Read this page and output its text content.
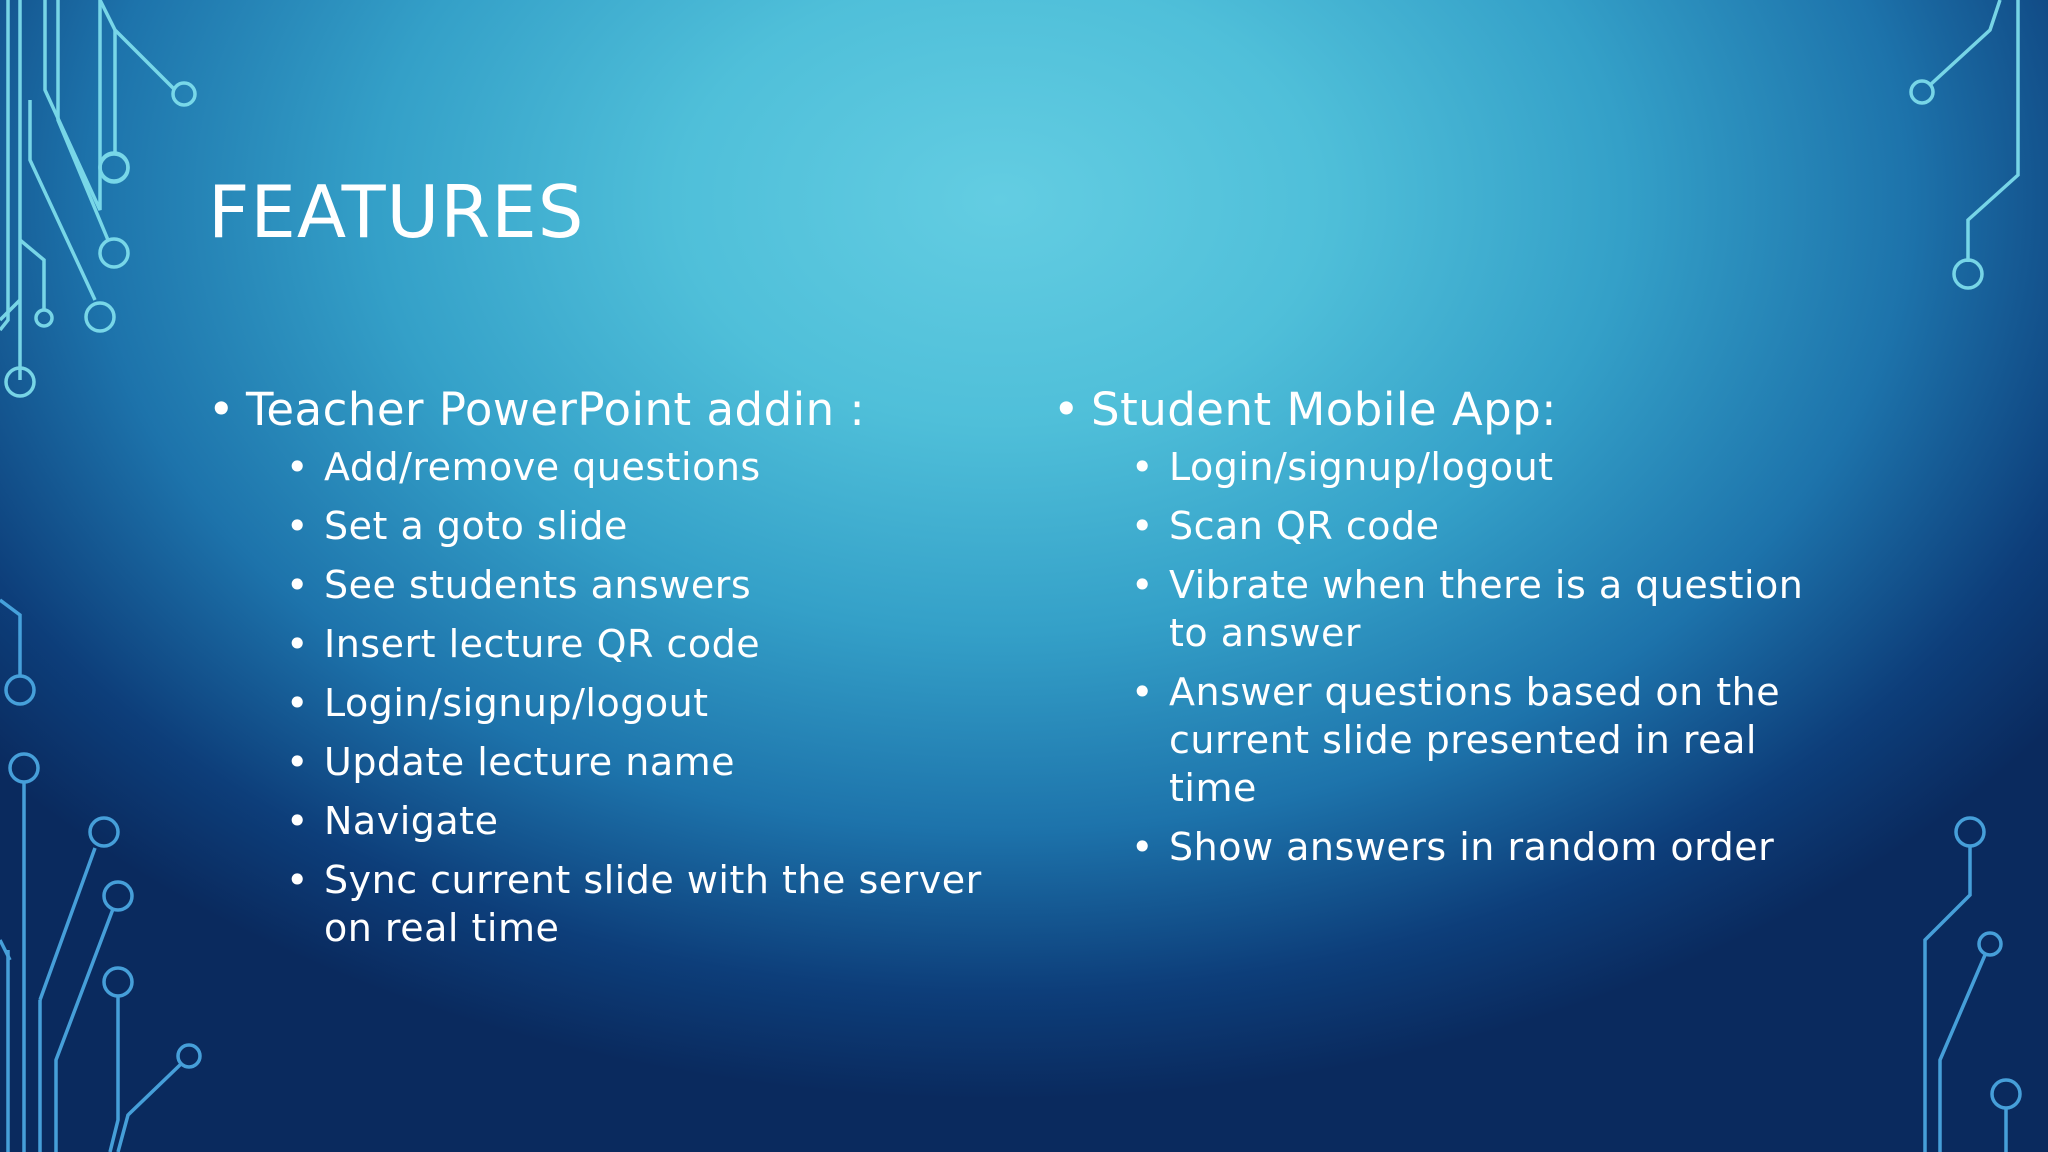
FEATURES
• Teacher PowerPoint addin :
• Add/remove questions
• Set a goto slide
• See students answers
• Insert lecture QR code
• Login/signup/logout
• Update lecture name
• Navigate
• Sync current slide with the server on real time
• Student Mobile App:
• Login/signup/logout
• Scan QR code
• Vibrate when there is a question to answer
• Answer questions based on the current slide presented in real time
• Show answers in random order
